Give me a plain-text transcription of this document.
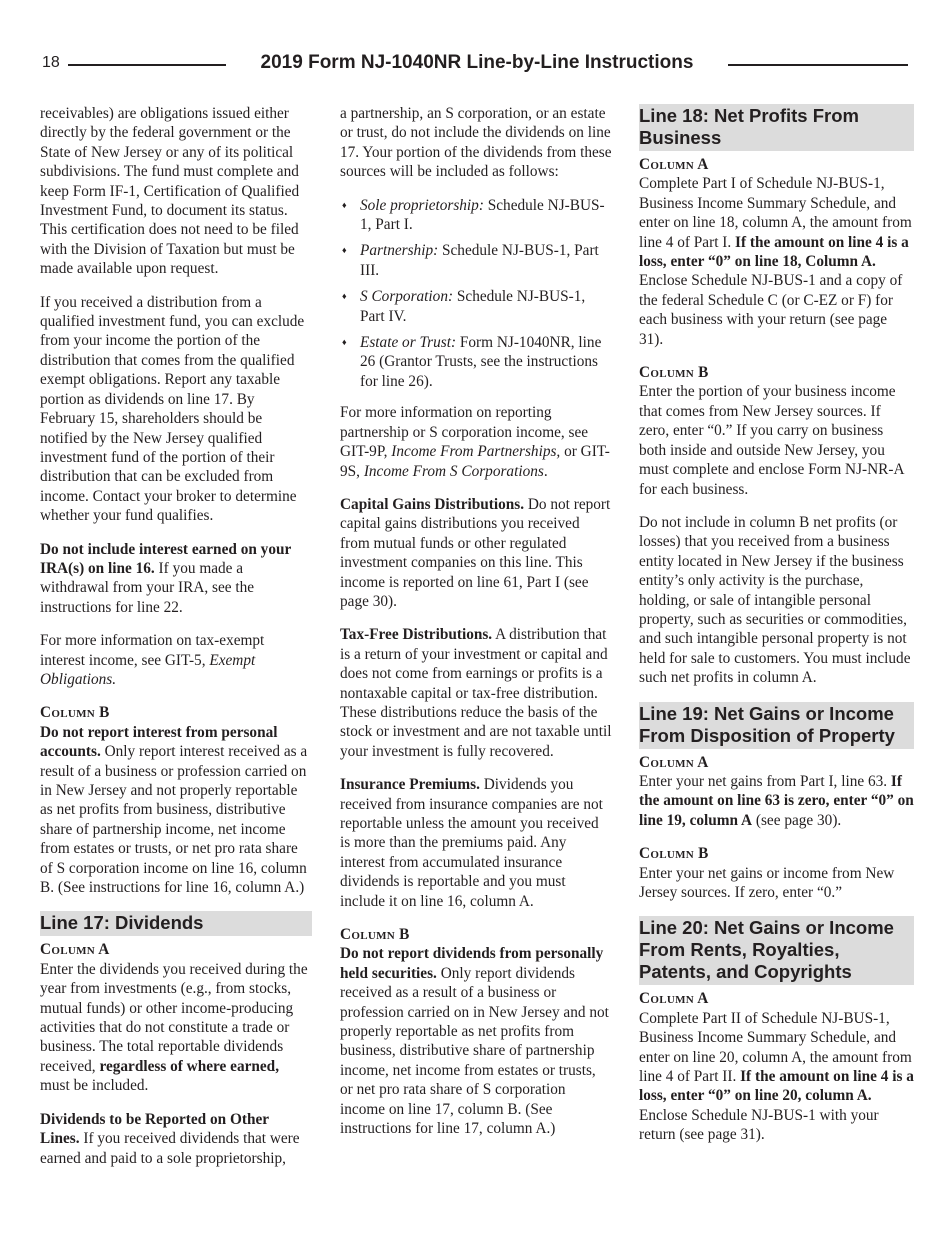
18	2019 Form NJ-1040NR Line-by-Line Instructions

receivables) are obligations issued either directly by the federal government or the State of New Jersey or any of its political subdivisions. The fund must complete and keep Form IF-1, Certification of Qualified Investment Fund, to document its status. This certification does not need to be filed with the Division of Taxation but must be made available upon request.

If you received a distribution from a qualified investment fund, you can exclude from your income the portion of the distribution that comes from the qualified exempt obligations. Report any taxable portion as dividends on line 17. By February 15, shareholders should be notified by the New Jersey qualified investment fund of the portion of their distribution that can be excluded from income. Contact your broker to determine whether your fund qualifies.

Do not include interest earned on your IRA(s) on line 16. If you made a withdrawal from your IRA, see the instructions for line 22.

For more information on tax-exempt interest income, see GIT-5, Exempt Obligations.

Column B

Do not report interest from personal accounts. Only report interest received as a result of a business or profession carried on in New Jersey and not properly reportable as net profits from business, distributive share of partnership income, net income from estates or trusts, or net pro rata share of S corporation income on line 16, column B. (See instructions for line 16, column A.)

Line 17: Dividends
Column A

Enter the dividends you received during the year from investments (e.g., from stocks, mutual funds) or other income-producing activities that do not constitute a trade or business. The total reportable dividends received, regardless of where earned, must be included.

Dividends to be Reported on Other Lines. If you received dividends that were earned and paid to a sole proprietorship,

a partnership, an S corporation, or an estate or trust, do not include the dividends on line 17. Your portion of the dividends from these sources will be included as follows:

♦ Sole proprietorship: Schedule NJ-BUS-1, Part I.
♦ Partnership: Schedule NJ-BUS-1, Part III.
♦ S Corporation: Schedule NJ-BUS-1, Part IV.
♦ Estate or Trust: Form NJ-1040NR, line 26 (Grantor Trusts, see the instructions for line 26).

For more information on reporting partnership or S corporation income, see GIT-9P, Income From Partnerships, or GIT-9S, Income From S Corporations.

Capital Gains Distributions. Do not report capital gains distributions you received from mutual funds or other regulated investment companies on this line. This income is reported on line 61, Part I (see page 30).

Tax-Free Distributions. A distribution that is a return of your investment or capital and does not come from earnings or profits is a nontaxable capital or tax-free distribution. These distributions reduce the basis of the stock or investment and are not taxable until your investment is fully recovered.

Insurance Premiums. Dividends you received from insurance companies are not reportable unless the amount you received is more than the premiums paid. Any interest from accumulated insurance dividends is reportable and you must include it on line 16, column A.

Column B

Do not report dividends from personally held securities. Only report dividends received as a result of a business or profession carried on in New Jersey and not properly reportable as net profits from business, distributive share of partnership income, net income from estates or trusts, or net pro rata share of S corporation income on line 17, column B. (See instructions for line 17, column A.)

Line 18: Net Profits From Business
Column A

Complete Part I of Schedule NJ-BUS-1, Business Income Summary Schedule, and enter on line 18, column A, the amount from line 4 of Part I. If the amount on line 4 is a loss, enter “0” on line 18, Column A. Enclose Schedule NJ-BUS-1 and a copy of the federal Schedule C (or C-EZ or F) for each business with your return (see page 31).

Column B

Enter the portion of your business income that comes from New Jersey sources. If zero, enter “0.” If you carry on business both inside and outside New Jersey, you must complete and enclose Form NJ-NR-A for each business.

Do not include in column B net profits (or losses) that you received from a business entity located in New Jersey if the business entity’s only activity is the purchase, holding, or sale of intangible personal property, such as securities or commodities, and such intangible personal property is not held for sale to customers. You must include such net profits in column A.

Line 19: Net Gains or Income From Disposition of Property
Column A

Enter your net gains from Part I, line 63. If the amount on line 63 is zero, enter “0” on line 19, column A (see page 30).

Column B

Enter your net gains or income from New Jersey sources. If zero, enter “0.”

Line 20: Net Gains or Income From Rents, Royalties, Patents, and Copyrights
Column A

Complete Part II of Schedule NJ-BUS-1, Business Income Summary Schedule, and enter on line 20, column A, the amount from line 4 of Part II. If the amount on line 4 is a loss, enter “0” on line 20, column A. Enclose Schedule NJ-BUS-1 with your return (see page 31).
